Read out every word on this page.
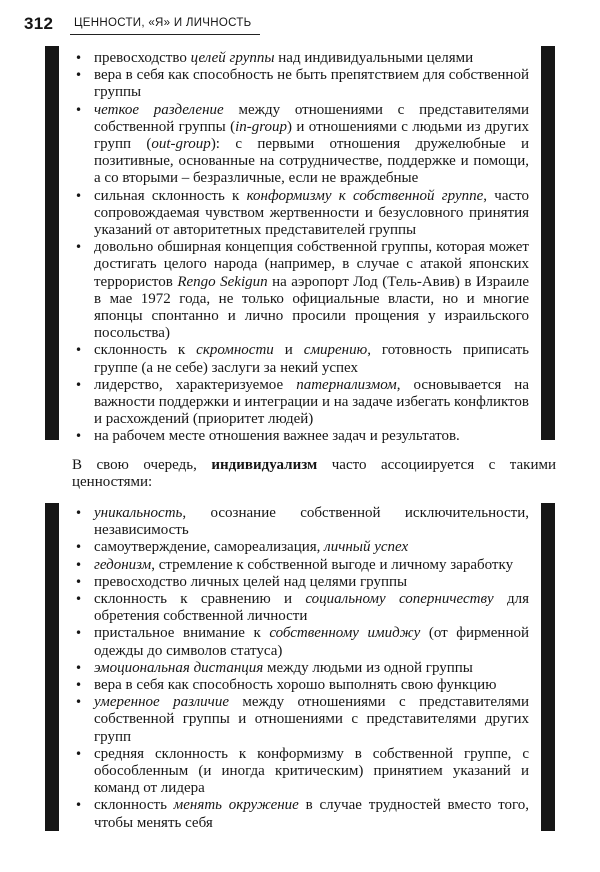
312 ЦЕННОСТИ, «Я» И ЛИЧНОСТЬ
• превосходство целей группы над индивидуальными целями
• вера в себя как способность не быть препятствием для собственной группы
• четкое разделение между отношениями с представителями собственной группы (in-group) и отношениями с людьми из других групп (out-group): с первыми отношения дружелюбные и позитивные, основанные на сотрудничестве, поддержке и помощи, а со вторыми – безразличные, если не враждебные
• сильная склонность к конформизму к собственной группе, часто сопровождаемая чувством жертвенности и безусловного принятия указаний от авторитетных представителей группы
• довольно обширная концепция собственной группы, которая может достигать целого народа (например, в случае с атакой японских террористов Rengo Sekigun на аэропорт Лод (Тель-Авив) в Израиле в мае 1972 года, не только официальные власти, но и многие японцы спонтанно и лично просили прощения у израильского посольства)
• склонность к скромности и смирению, готовность приписать группе (а не себе) заслуги за некий успех
• лидерство, характеризуемое патернализмом, основывается на важности поддержки и интеграции и на задаче избегать конфликтов и расхождений (приоритет людей)
• на рабочем месте отношения важнее задач и результатов.

В свою очередь, индивидуализм часто ассоциируется с такими ценностями:

• уникальность, осознание собственной исключительности, независимость
• самоутверждение, самореализация, личный успех
• гедонизм, стремление к собственной выгоде и личному заработку
• превосходство личных целей над целями группы
• склонность к сравнению и социальному соперничеству для обретения собственной личности
• пристальное внимание к собственному имиджу (от фирменной одежды до символов статуса)
• эмоциональная дистанция между людьми из одной группы
• вера в себя как способность хорошо выполнять свою функцию
• умеренное различие между отношениями с представителями собственной группы и отношениями с представителями других групп
• средняя склонность к конформизму в собственной группе, с обособленным (и иногда критическим) принятием указаний и команд от лидера
• склонность менять окружение в случае трудностей вместо того, чтобы менять себя
